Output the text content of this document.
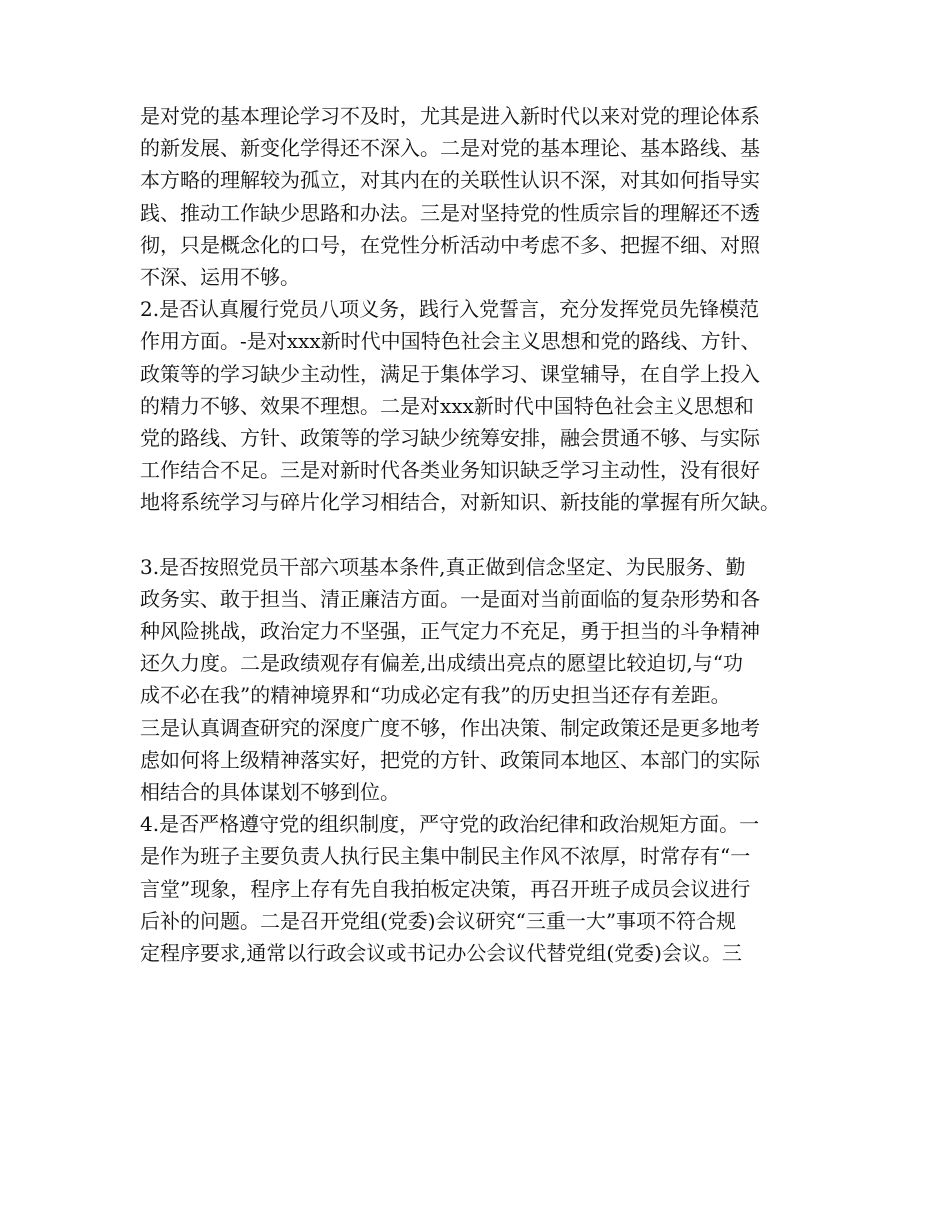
是对党的基本理论学习不及时，尤其是进入新时代以来对党的理论体系
的新发展、新变化学得还不深入。二是对党的基本理论、基本路线、基
本方略的理解较为孤立，对其内在的关联性认识不深，对其如何指导实
践、推动工作缺少思路和办法。三是对坚持党的性质宗旨的理解还不透
彻，只是概念化的口号，在党性分析活动中考虑不多、把握不细、对照
不深、运用不够。
2.是否认真履行党员八项义务，践行入党誓言，充分发挥党员先锋模范
作用方面。-是对xxx新时代中国特色社会主义思想和党的路线、方针、
政策等的学习缺少主动性，满足于集体学习、课堂辅导，在自学上投入
的精力不够、效果不理想。二是对xxx新时代中国特色社会主义思想和
党的路线、方针、政策等的学习缺少统筹安排，融会贯通不够、与实际
工作结合不足。三是对新时代各类业务知识缺乏学习主动性，没有很好
地将系统学习与碎片化学习相结合，对新知识、新技能的掌握有所欠缺。
3.是否按照党员干部六项基本条件,真正做到信念坚定、为民服务、勤
政务实、敢于担当、清正廉洁方面。一是面对当前面临的复杂形势和各
种风险挑战，政治定力不坚强，正气定力不充足，勇于担当的斗争精神
还久力度。二是政绩观存有偏差,出成绩出亮点的愿望比较迫切,与“功
成不必在我”的精神境界和“功成必定有我”的历史担当还存有差距。
三是认真调查研究的深度广度不够，作出决策、制定政策还是更多地考
虑如何将上级精神落实好，把党的方针、政策同本地区、本部门的实际
相结合的具体谋划不够到位。
4.是否严格遵守党的组织制度，严守党的政治纪律和政治规矩方面。一
是作为班子主要负责人执行民主集中制民主作风不浓厚，时常存有“一
言堂”现象，程序上存有先自我拍板定决策，再召开班子成员会议进行
后补的问题。二是召开党组(党委)会议研究“三重一大”事项不符合规
定程序要求,通常以行政会议或书记办公会议代替党组(党委)会议。三
